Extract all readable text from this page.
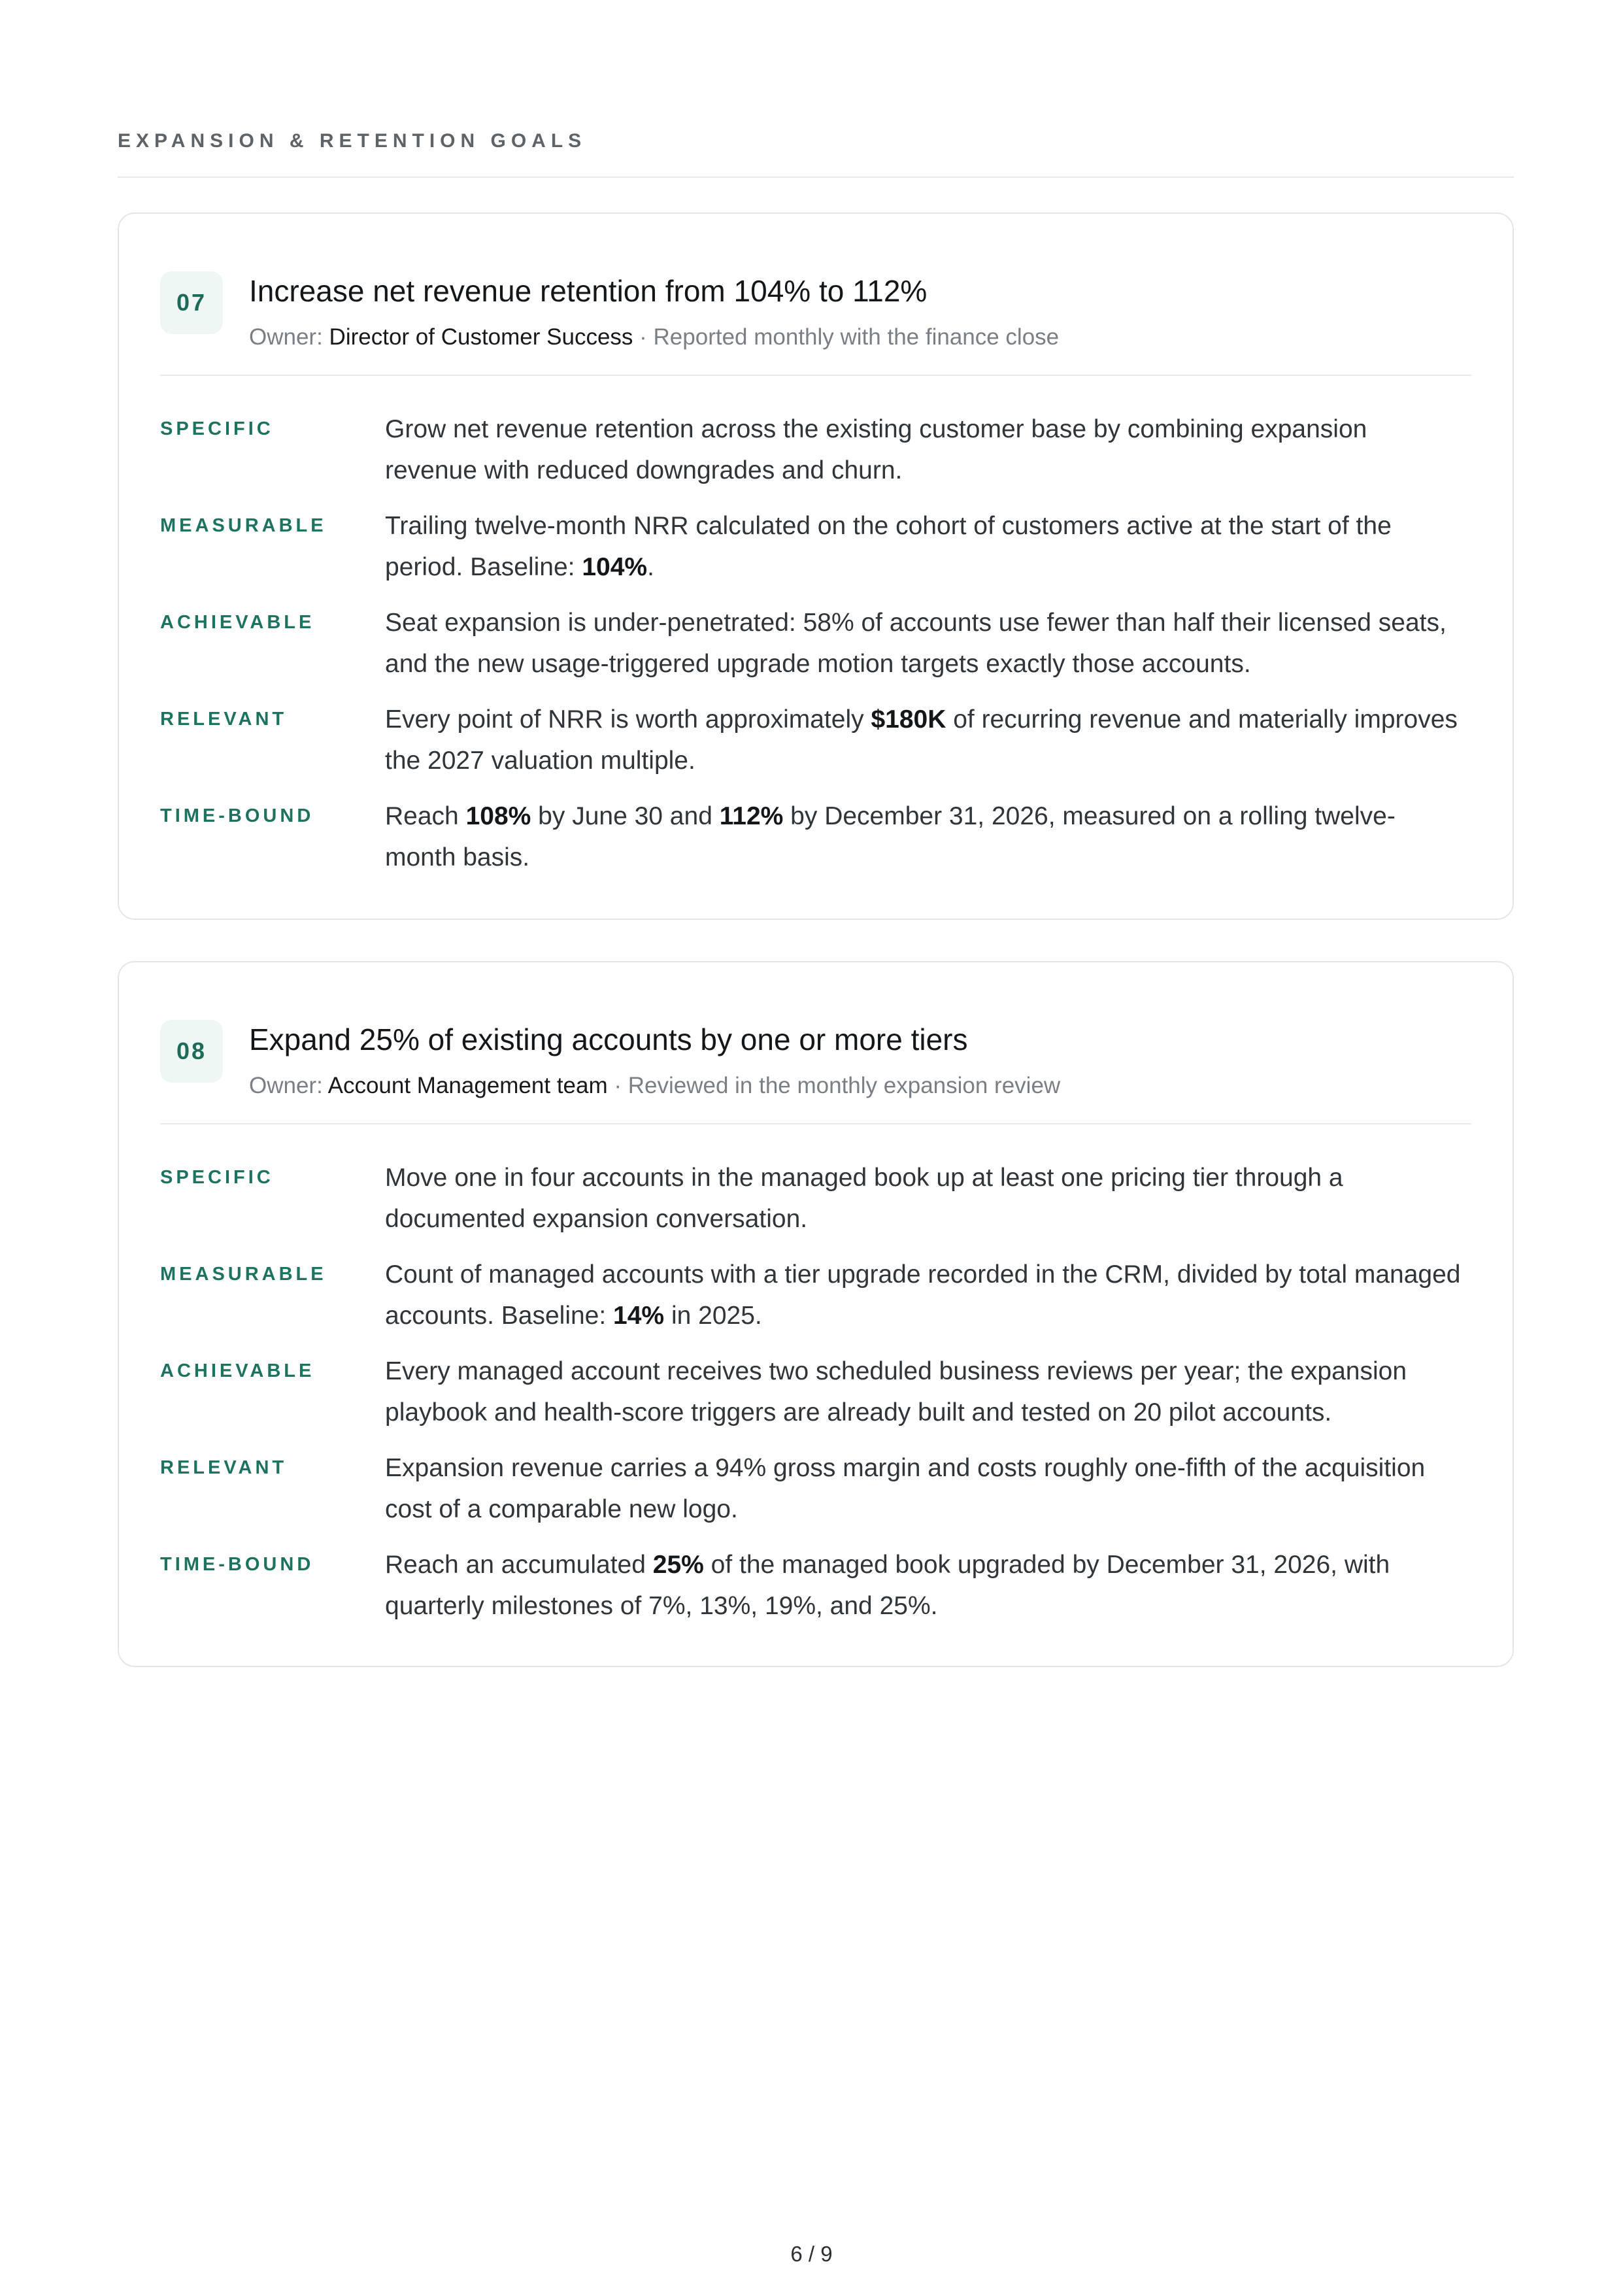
EXPANSION & RETENTION GOALS
07	Increase net revenue retention from 104% to 112%
Owner: Director of Customer Success · Reported monthly with the finance close
SPECIFIC	Grow net revenue retention across the existing customer base by combining expansion revenue with reduced downgrades and churn.
MEASURABLE	Trailing twelve-month NRR calculated on the cohort of customers active at the start of the period. Baseline: 104%.
ACHIEVABLE	Seat expansion is under-penetrated: 58% of accounts use fewer than half their licensed seats, and the new usage-triggered upgrade motion targets exactly those accounts.
RELEVANT	Every point of NRR is worth approximately $180K of recurring revenue and materially improves the 2027 valuation multiple.
TIME-BOUND	Reach 108% by June 30 and 112% by December 31, 2026, measured on a rolling twelve-month basis.
08	Expand 25% of existing accounts by one or more tiers
Owner: Account Management team · Reviewed in the monthly expansion review
SPECIFIC	Move one in four accounts in the managed book up at least one pricing tier through a documented expansion conversation.
MEASURABLE	Count of managed accounts with a tier upgrade recorded in the CRM, divided by total managed accounts. Baseline: 14% in 2025.
ACHIEVABLE	Every managed account receives two scheduled business reviews per year; the expansion playbook and health-score triggers are already built and tested on 20 pilot accounts.
RELEVANT	Expansion revenue carries a 94% gross margin and costs roughly one-fifth of the acquisition cost of a comparable new logo.
TIME-BOUND	Reach an accumulated 25% of the managed book upgraded by December 31, 2026, with quarterly milestones of 7%, 13%, 19%, and 25%.
6 / 9
